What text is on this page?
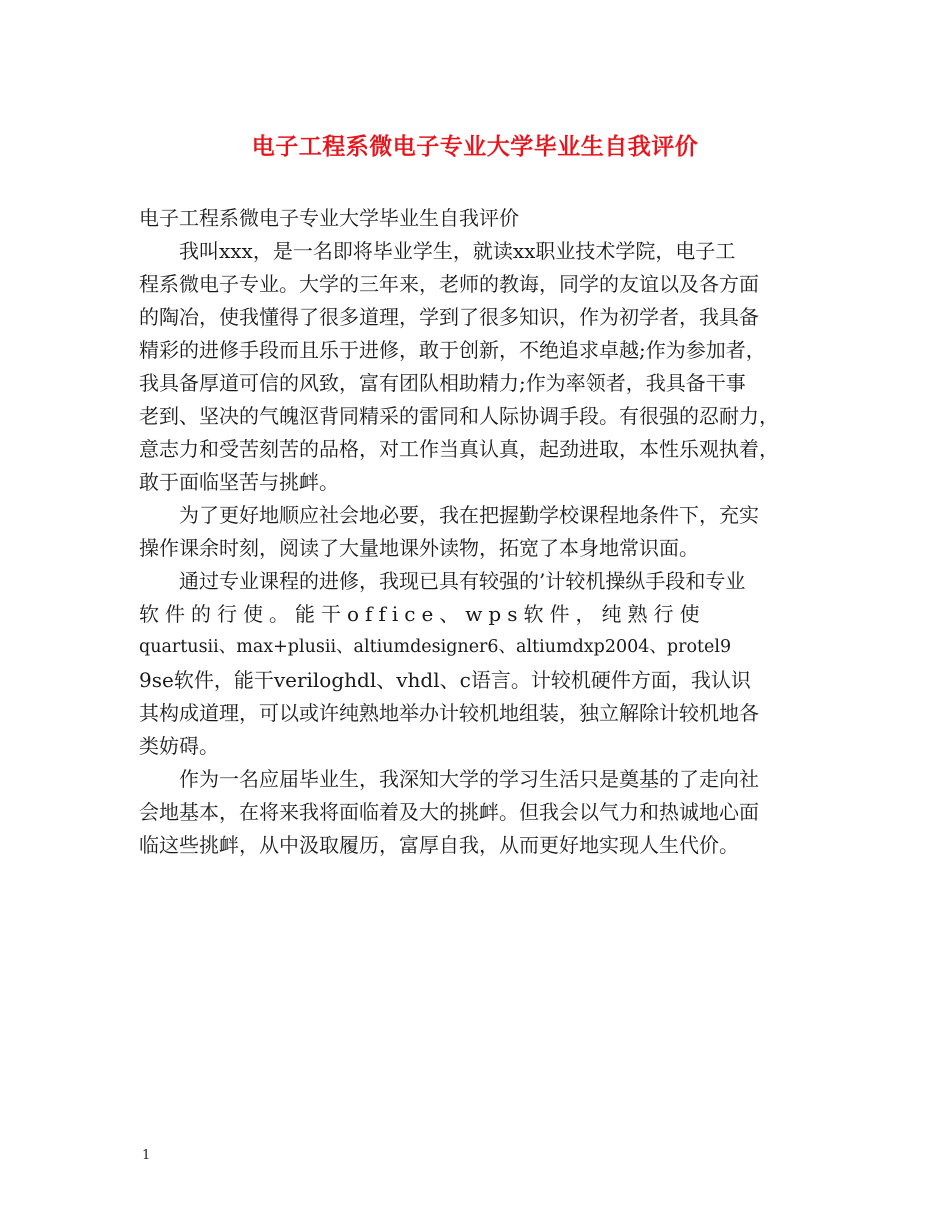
电子工程系微电子专业大学毕业生自我评价
电子工程系微电子专业大学毕业生自我评价
我叫xxx，是一名即将毕业学生，就读xx职业技术学院，电子工
程系微电子专业。大学的三年来，老师的教诲，同学的友谊以及各方面
的陶冶，使我懂得了很多道理，学到了很多知识，作为初学者，我具备
精彩的进修手段而且乐于进修，敢于创新，不绝追求卓越;作为参加者，
我具备厚道可信的风致，富有团队相助精力;作为率领者，我具备干事
老到、坚决的气魄沤背同精采的雷同和人际协调手段。有很强的忍耐力，
意志力和受苦刻苦的品格，对工作当真认真，起劲进取，本性乐观执着，
敢于面临坚苦与挑衅。
为了更好地顺应社会地必要，我在把握勤学校课程地条件下，充实
操作课余时刻，阅读了大量地课外读物，拓宽了本身地常识面。
通过专业课程的进修，我现已具有较强的’计较机操纵手段和专业
软件的行使。能干office、wps软件，纯熟行使
quartusii、max+plusii、altiumdesigner6、altiumdxp2004、protel9
9se软件，能干veriloghdl、vhdl、c语言。计较机硬件方面，我认识
其构成道理，可以或许纯熟地举办计较机地组装，独立解除计较机地各
类妨碍。
作为一名应届毕业生，我深知大学的学习生活只是奠基的了走向社
会地基本，在将来我将面临着及大的挑衅。但我会以气力和热诚地心面
临这些挑衅，从中汲取履历，富厚自我，从而更好地实现人生代价。
1
